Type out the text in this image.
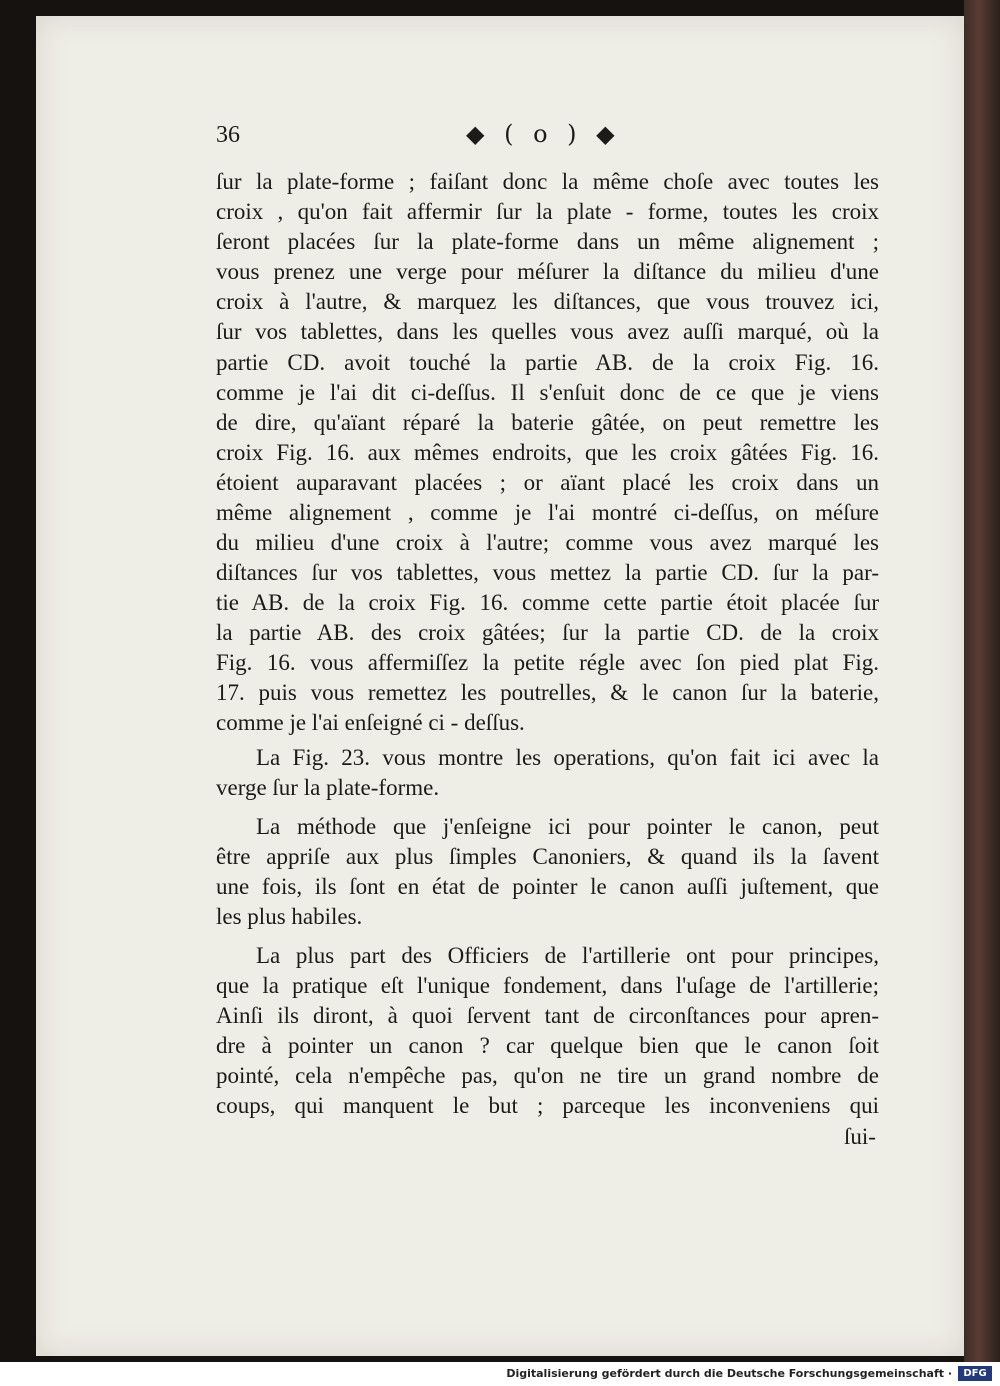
36	◆ ( o ) ◆
ſur la plate-forme ; faiſant donc la même choſe avec toutes les
croix , qu'on fait affermir ſur la plate - forme, toutes les croix
ſeront placées ſur la plate-forme dans un même alignement ;
vous prenez une verge pour méſurer la diſtance du milieu d'une
croix à l'autre, & marquez les diſtances, que vous trouvez ici,
ſur vos tablettes, dans les quelles vous avez auſſi marqué, où la
partie CD. avoit touché la partie AB. de la croix Fig. 16.
comme je l'ai dit ci-deſſus. Il s'enſuit donc de ce que je viens
de dire, qu'aïant réparé la baterie gâtée, on peut remettre les
croix Fig. 16. aux mêmes endroits, que les croix gâtées Fig. 16.
étoient auparavant placées ; or aïant placé les croix dans un
même alignement , comme je l'ai montré ci-deſſus, on méſure
du milieu d'une croix à l'autre; comme vous avez marqué les
diſtances ſur vos tablettes, vous mettez la partie CD. ſur la par-
tie AB. de la croix Fig. 16. comme cette partie étoit placée ſur
la partie AB. des croix gâtées; ſur la partie CD. de la croix
Fig. 16. vous affermiſſez la petite régle avec ſon pied plat Fig.
17. puis vous remettez les poutrelles, & le canon ſur la baterie,
comme je l'ai enſeigné ci - deſſus.
La Fig. 23. vous montre les operations, qu'on fait ici avec la
verge ſur la plate-forme.
La méthode que j'enſeigne ici pour pointer le canon, peut
être appriſe aux plus ſimples Canoniers, & quand ils la ſavent
une fois, ils ſont en état de pointer le canon auſſi juſtement, que
les plus habiles.
La plus part des Officiers de l'artillerie ont pour principes,
que la pratique eſt l'unique fondement, dans l'uſage de l'artillerie;
Ainſi ils diront, à quoi ſervent tant de circonſtances pour apren-
dre à pointer un canon ? car quelque bien que le canon ſoit
pointé, cela n'empêche pas, qu'on ne tire un grand nombre de
coups, qui manquent le but ; parceque les inconveniens qui
ſui-
Digitalisierung gefördert durch die Deutsche Forschungsgemeinschaft ·	DFG
